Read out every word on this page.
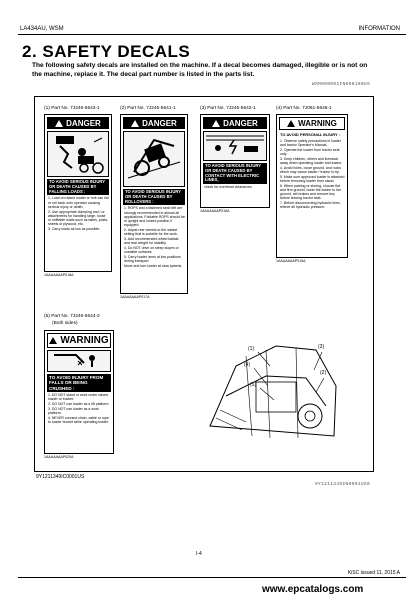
LA434AU, WSM	INFORMATION
2. SAFETY DECALS
The following safety decals are installed on the machine. If a decal becomes damaged, illegible or is not on the machine, replace it. The decal part number is listed in the parts list.
WSM000001IN000100US
(1) Part No. 7J246-5643-1
DANGER
TO AVOID SERIOUS INJURY OR DEATH CAUSED BY FALLING LOADS :
1. Load on raised loader or fork can fall or roll back onto operator causing serious injury or death.
2. Use appropriate clamping and / or attachments for handling large, loose or shiftable loads such as bales, posts, sheets of plywood, etc.
3. Carry loads as low as possible.
1AAAAAAAP018A
(2) Part No. 7J246-5641-1
DANGER
TO AVOID SERIOUS INJURY OR DEATH CAUSED BY ROLLOVERS :
1. ROPS and a fastened seat belt are strongly recommended in almost all applications. Foldable ROPS should be in upright and locked position if equipped.
2. Adjust rear wheels to the widest setting that is suitable for the work.
3. Add recommended wheel ballast and rear weight for stability.
4. Do NOT drive on steep slopes or unstable surfaces.
5. Carry loader arms at low positions during transport.
Move and turn loader at slow speeds.
1AAAAAAAP017A
(3) Part No. 7J246-5642-1
DANGER
TO AVOID SERIOUS INJURY OR DEATH CAUSED BY CONTACT WITH ELECTRIC LINES,
check for overhead clearances.
1AAAAAAAP016A
(4) Part No. 7J061-5646-1
WARNING
TO AVOID PERSONAL INJURY :
1. Observe safety precautions in loader and tractor Operator's Manual.
2. Operate the loader from tractor seat only.
3. Keep children, others and livestock away when operating loader and tractor.
4. Avoid holes, loose ground, and rocks which may cause loader / tractor to tip.
5. Make sure approved loader is attached before removing loader from stand.
6. When parking or storing, choose flat and firm ground, lower the loader to the ground, set brakes and remove key before leaving tractor seat.
7. Before disconnecting hydraulic lines, relieve all hydraulic pressure.
1AAAAAAAP015A
(5) Part No. 7J246-5644-2
(Both sides)
WARNING
TO AVOID INJURY FROM FALLS OR BEING CRUSHED :
1. DO NOT stand or work under raised loader or bucket.
2. DO NOT use loader as a lift platform.
3. DO NOT use loader as a work platform.
4. NEVER connect chain, cable or rope to loader bucket while operating loader.
1AAAAAAAP020A
(1)
(4)
(5)
(3)
(2)
9Y1211349IC0001US
9Y1211349IN0001US0
I-4
KiSC issued 11, 2015 A
www.epcatalogs.com
